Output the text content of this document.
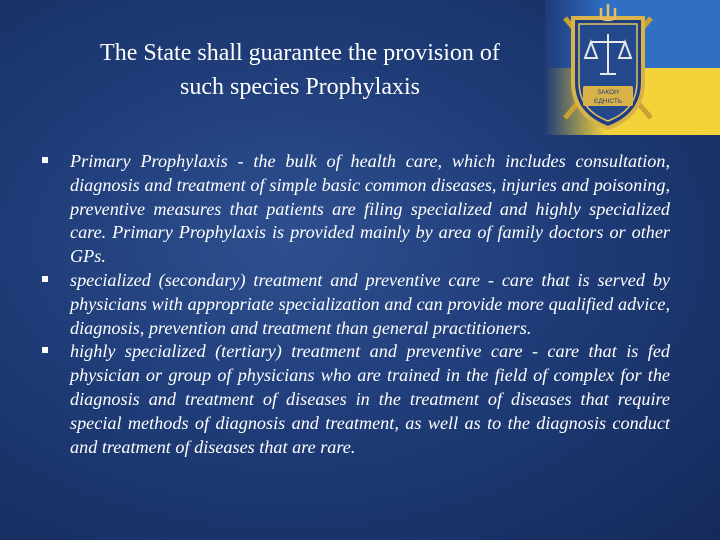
The State shall guarantee the provision of
such species Prophylaxis	ЗАКОН
ЄДНІСТЬ
Primary Prophylaxis - the bulk of health care, which includes consultation, diagnosis and treatment of simple basic common diseases, injuries and poisoning, preventive measures that patients are filing specialized and highly specialized care. Primary Prophylaxis is provided mainly by area of family doctors or other GPs.
specialized (secondary) treatment and preventive care - care that is served by physicians with appropriate specialization and can provide more qualified advice, diagnosis, prevention and treatment than general practitioners.
highly specialized (tertiary) treatment and preventive care - care that is fed physician or group of physicians who are trained in the field of complex for the diagnosis and treatment of diseases in the treatment of diseases that require special methods of diagnosis and treatment, as well as to the diagnosis conduct and treatment of diseases that are rare.
